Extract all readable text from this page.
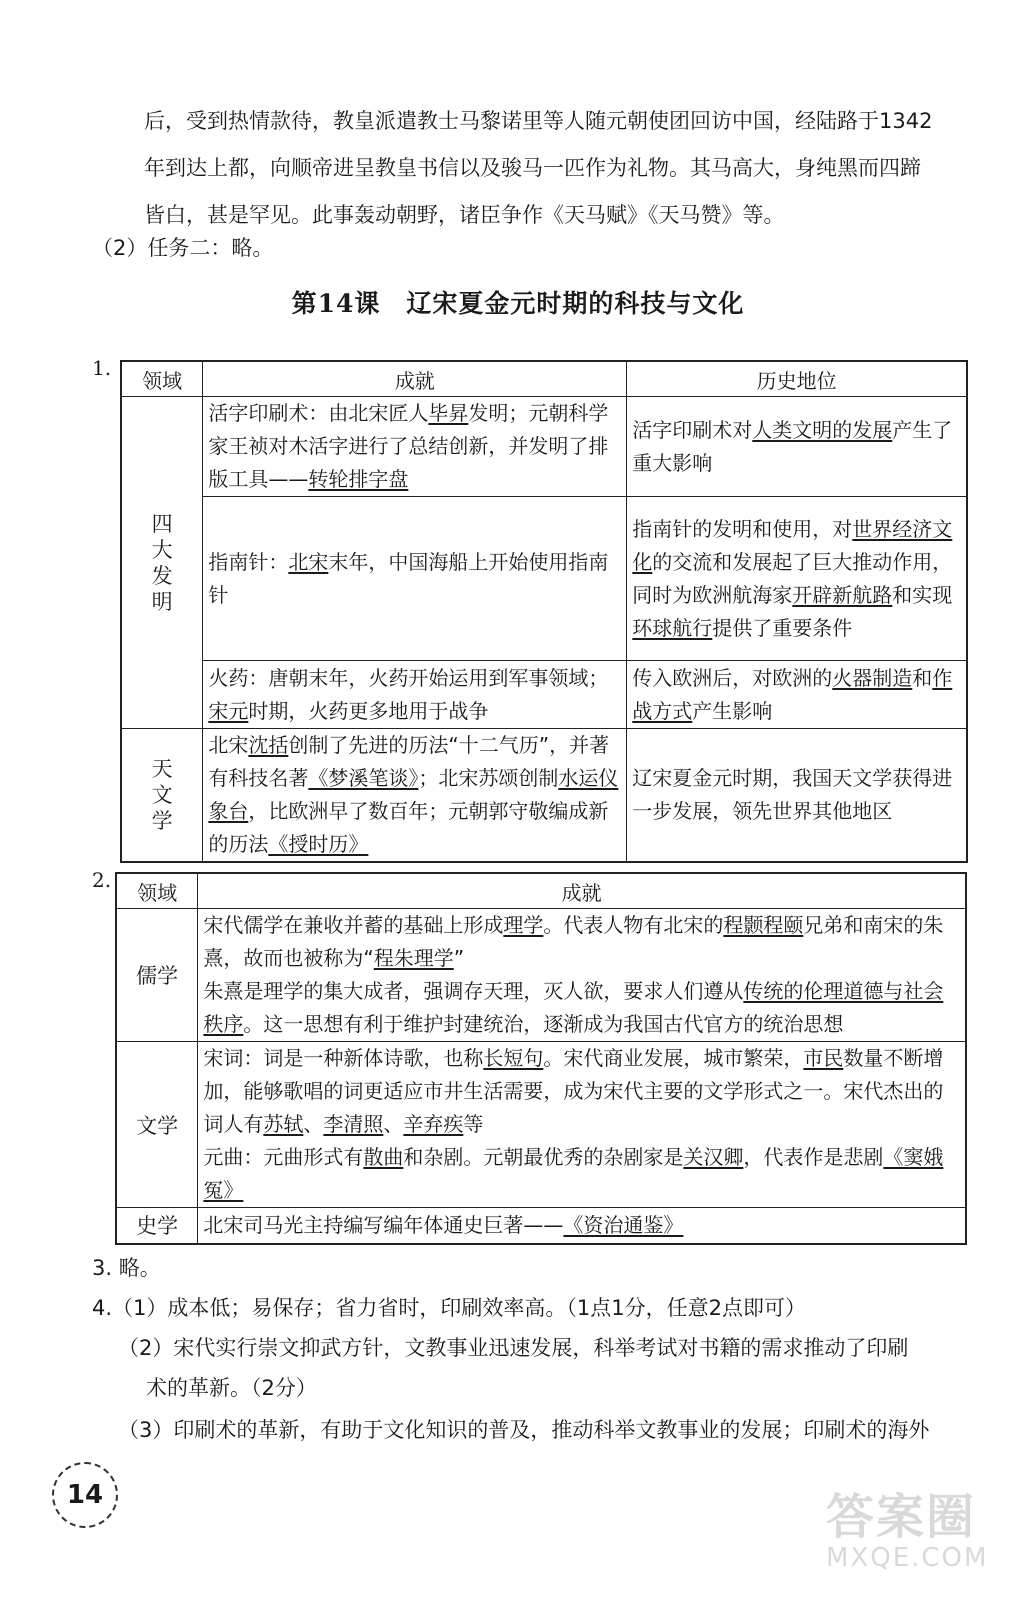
后，受到热情款待，教皇派遣教士马黎诺里等人随元朝使团回访中国，经陆路于1342
年到达上都，向顺帝进呈教皇书信以及骏马一匹作为礼物。其马高大，身纯黑而四蹄
皆白，甚是罕见。此事轰动朝野，诸臣争作《天马赋》《天马赞》等。
（2）任务二：略。
第14课　辽宋夏金元时期的科技与文化
1.
领域	成就	历史地位

四
大
发
明	活字印刷术：由北宋匠人毕昇发明；元朝科学家王祯对木活字进行了总结创新，并发明了排版工具——转轮排字盘	活字印刷术对人类文明的发展产生了重大影响
	指南针：北宋末年，中国海船上开始使用指南针	指南针的发明和使用，对世界经济文化的交流和发展起了巨大推动作用，同时为欧洲航海家开辟新航路和实现环球航行提供了重要条件
	火药：唐朝末年，火药开始运用到军事领域；宋元时期，火药更多地用于战争	传入欧洲后，对欧洲的火器制造和作战方式产生影响

天
文
学	北宋沈括创制了先进的历法“十二气历”，并著有科技名著《梦溪笔谈》；北宋苏颂创制水运仪象台，比欧洲早了数百年；元朝郭守敬编成新的历法《授时历》	辽宋夏金元时期，我国天文学获得进一步发展，领先世界其他地区
2.
领域	成就
儒学	宋代儒学在兼收并蓄的基础上形成理学。代表人物有北宋的程颢程颐兄弟和南宋的朱熹，故而也被称为“程朱理学”
朱熹是理学的集大成者，强调存天理，灭人欲，要求人们遵从传统的伦理道德与社会秩序。这一思想有利于维护封建统治，逐渐成为我国古代官方的统治思想
文学	宋词：词是一种新体诗歌，也称长短句。宋代商业发展，城市繁荣，市民数量不断增加，能够歌唱的词更适应市井生活需要，成为宋代主要的文学形式之一。宋代杰出的词人有苏轼、李清照、辛弃疾等
元曲：元曲形式有散曲和杂剧。元朝最优秀的杂剧家是关汉卿，代表作是悲剧《窦娥冤》
史学	北宋司马光主持编写编年体通史巨著——《资治通鉴》
3. 略。
4.（1）成本低；易保存；省力省时，印刷效率高。（1点1分，任意2点即可）
（2）宋代实行崇文抑武方针，文教事业迅速发展，科举考试对书籍的需求推动了印刷
术的革新。（2分）
（3）印刷术的革新，有助于文化知识的普及，推动科举文教事业的发展；印刷术的海外
14	答案圈
MXQE.COM
